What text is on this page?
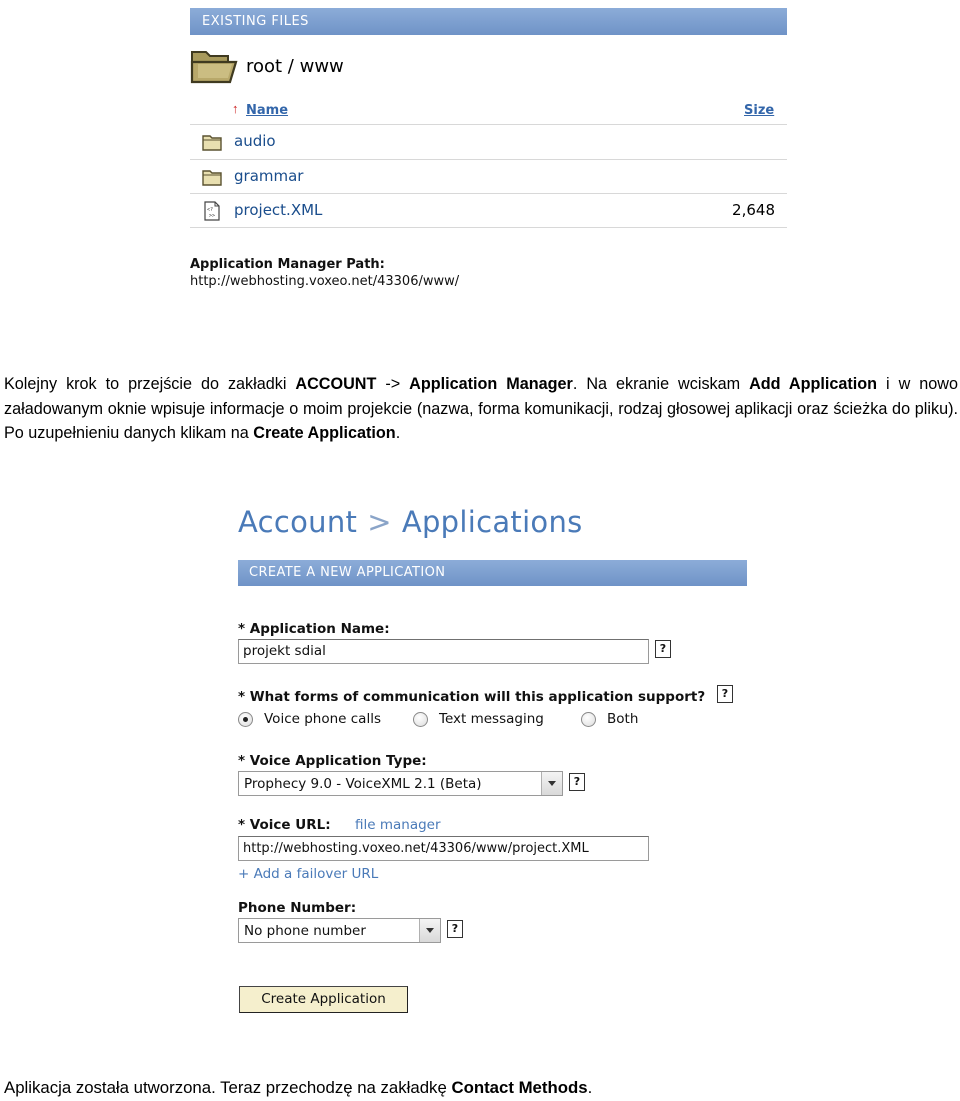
EXISTING FILES
root / www
↑ Name	Size
audio
grammar
<?
>> project.XML	2,648
Application Manager Path:
http://webhosting.voxeo.net/43306/www/
Kolejny krok to przejście do zakładki ACCOUNT -> Application Manager. Na ekranie wciskam Add Application i w nowo załadowanym oknie wpisuje informacje o moim projekcie (nazwa, forma komunikacji, rodzaj głosowej aplikacji oraz ścieżka do pliku). Po uzupełnieniu danych klikam na Create Application.
Account > Applications
CREATE A NEW APPLICATION
* Application Name:
projekt sdial	?
* What forms of communication will this application support?	?
Voice phone calls	Text messaging	Both
* Voice Application Type:
Prophecy 9.0 - VoiceXML 2.1 (Beta)	?
* Voice URL: file manager
http://webhosting.voxeo.net/43306/www/project.XML
+ Add a failover URL
Phone Number:
No phone number	?
Create Application
Aplikacja została utworzona. Teraz przechodzę na zakładkę Contact Methods.
